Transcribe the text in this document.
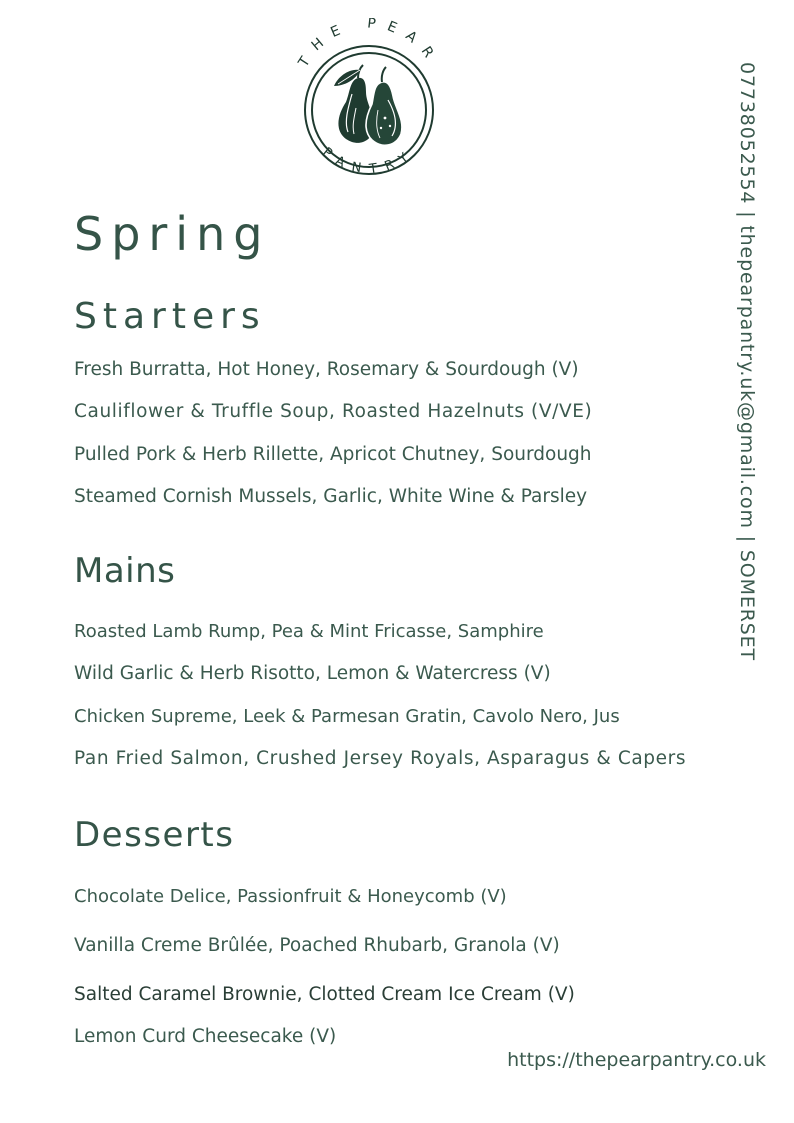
THE PEAR
PANTRY
Spring
Starters

Fresh Burratta, Hot Honey, Rosemary & Sourdough (V)

Cauliflower & Truffle Soup, Roasted Hazelnuts (V/VE)

Pulled Pork & Herb Rillette, Apricot Chutney, Sourdough

Steamed Cornish Mussels, Garlic, White Wine & Parsley

Mains

Roasted Lamb Rump, Pea & Mint Fricasse, Samphire

Wild Garlic & Herb Risotto, Lemon & Watercress (V)

Chicken Supreme, Leek & Parmesan Gratin, Cavolo Nero, Jus

Pan Fried Salmon, Crushed Jersey Royals, Asparagus & Capers

Desserts

Chocolate Delice, Passionfruit & Honeycomb (V)

Vanilla Creme Brûlée, Poached Rhubarb, Granola (V)

Salted Caramel Brownie, Clotted Cream Ice Cream (V)

Lemon Curd Cheesecake (V)

07738052554 | thepearpantry.uk@gmail.com | SOMERSET

https://thepearpantry.co.uk
